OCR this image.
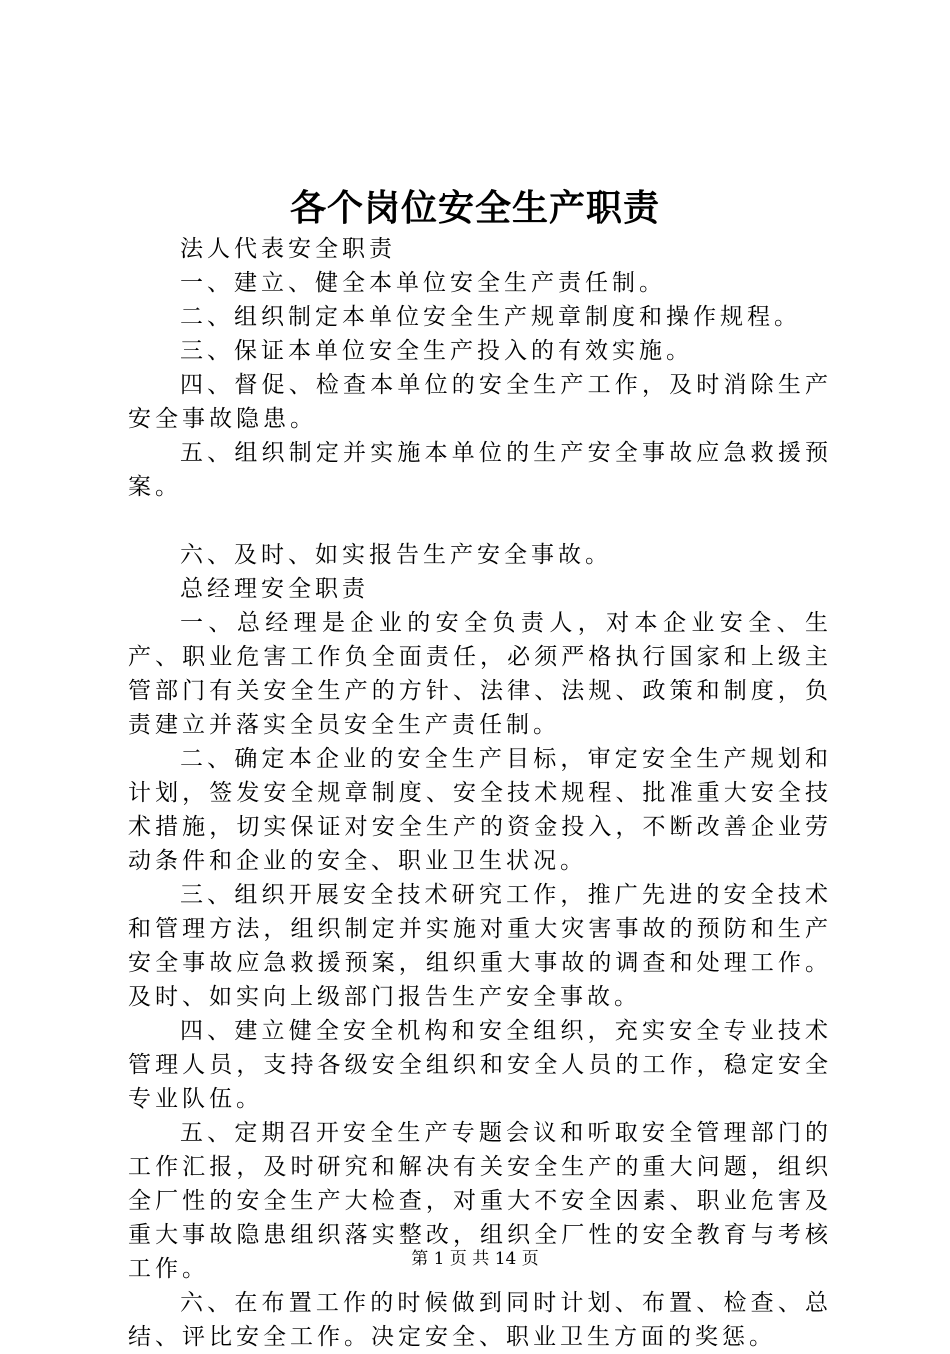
各个岗位安全生产职责

法人代表安全职责

一、建立、健全本单位安全生产责任制。

二、组织制定本单位安全生产规章制度和操作规程。

三、保证本单位安全生产投入的有效实施。

四、督促、检查本单位的安全生产工作，及时消除生产安全事故隐患。

五、组织制定并实施本单位的生产安全事故应急救援预案。

六、及时、如实报告生产安全事故。

总经理安全职责

一、总经理是企业的安全负责人，对本企业安全、生产、职业危害工作负全面责任，必须严格执行国家和上级主管部门有关安全生产的方针、法律、法规、政策和制度，负责建立并落实全员安全生产责任制。

二、确定本企业的安全生产目标，审定安全生产规划和计划，签发安全规章制度、安全技术规程、批准重大安全技术措施，切实保证对安全生产的资金投入，不断改善企业劳动条件和企业的安全、职业卫生状况。

三、组织开展安全技术研究工作，推广先进的安全技术和管理方法，组织制定并实施对重大灾害事故的预防和生产安全事故应急救援预案，组织重大事故的调查和处理工作。及时、如实向上级部门报告生产安全事故。

四、建立健全安全机构和安全组织，充实安全专业技术管理人员，支持各级安全组织和安全人员的工作，稳定安全专业队伍。

五、定期召开安全生产专题会议和听取安全管理部门的工作汇报，及时研究和解决有关安全生产的重大问题，组织全厂性的安全生产大检查，对重大不安全因素、职业危害及重大事故隐患组织落实整改，组织全厂性的安全教育与考核工作。

六、在布置工作的时候做到同时计划、布置、检查、总结、评比安全工作。决定安全、职业卫生方面的奖惩。

第 1 页 共 14 页
